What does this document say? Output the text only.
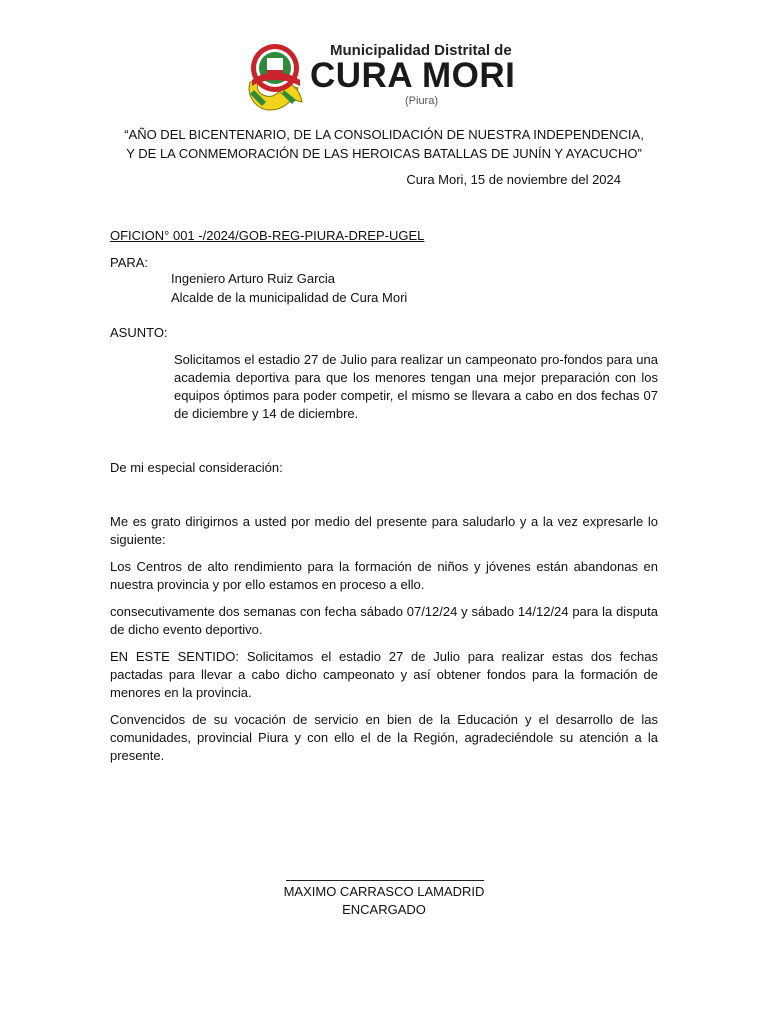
Municipalidad Distrital de
CURA MORI
(Piura)
“AÑO DEL BICENTENARIO, DE LA CONSOLIDACIÓN DE NUESTRA INDEPENDENCIA,
Y DE LA CONMEMORACIÓN DE LAS HEROICAS BATALLAS DE JUNÍN Y AYACUCHO”
Cura Mori, 15 de noviembre del 2024
OFICION° 001 -/2024/GOB-REG-PIURA-DREP-UGEL
PARA:
Ingeniero Arturo Ruiz Garcia
Alcalde de la municipalidad de Cura Mori
ASUNTO:
Solicitamos el estadio 27 de Julio para realizar un campeonato pro-fondos para una academia deportiva para que los menores tengan una mejor preparación con los equipos óptimos para poder competir, el mismo se llevara a cabo en dos fechas 07 de diciembre y 14 de diciembre.
De mi especial consideración:
Me es grato dirigirnos a usted por medio del presente para saludarlo y a la vez expresarle lo siguiente:
Los Centros de alto rendimiento para la formación de niños y jóvenes están abandonas en nuestra provincia y por ello estamos en proceso a ello.
consecutivamente dos semanas con fecha sábado 07/12/24 y sábado 14/12/24 para la disputa de dicho evento deportivo.
EN ESTE SENTIDO: Solicitamos el estadio 27 de Julio para realizar estas dos fechas pactadas para llevar a cabo dicho campeonato y así obtener fondos para la formación de menores en la provincia.
Convencidos de su vocación de servicio en bien de la Educación y el desarrollo de las comunidades, provincial Piura y con ello el de la Región, agradeciéndole su atención a la presente.
MAXIMO CARRASCO LAMADRID
ENCARGADO
